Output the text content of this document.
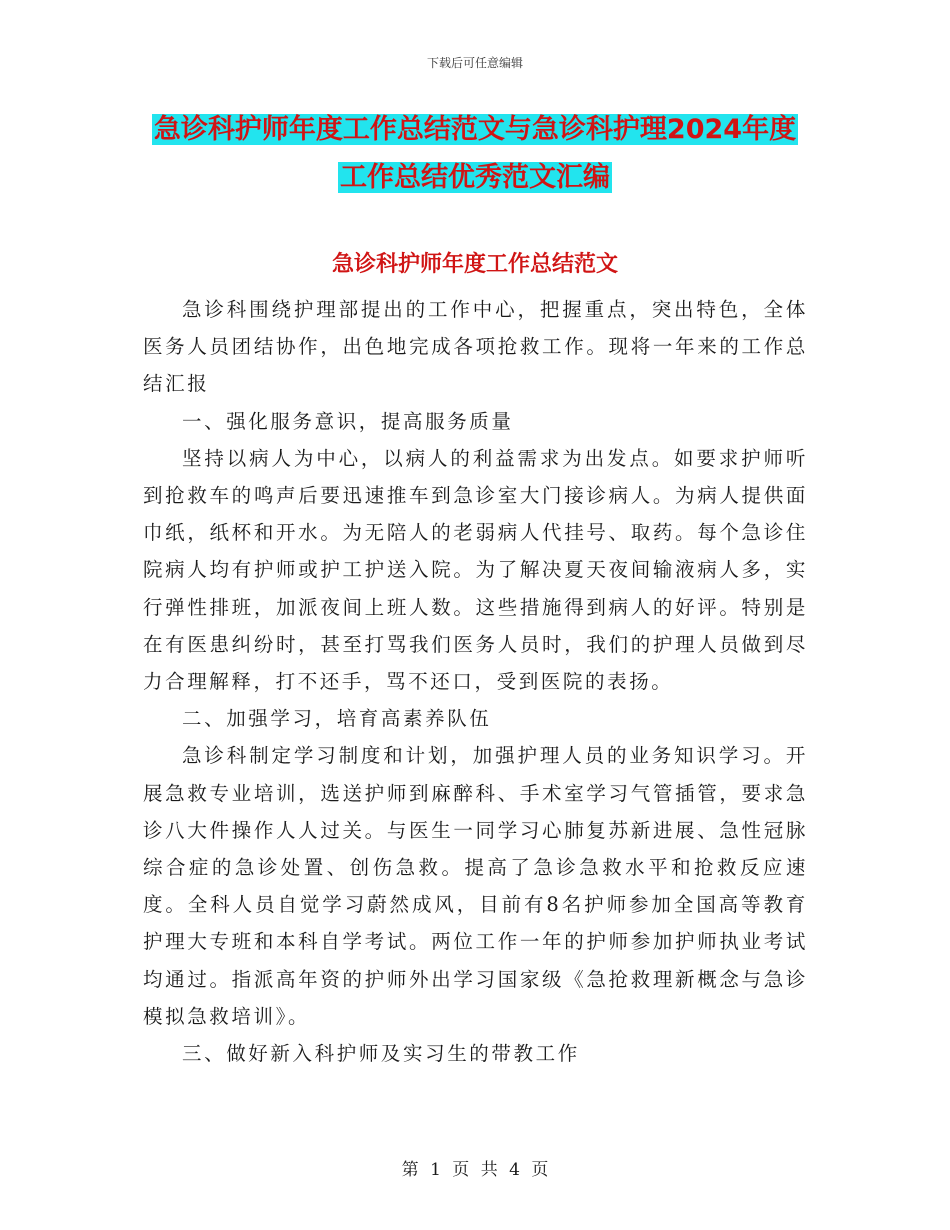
下载后可任意编辑
急诊科护师年度工作总结范文与急诊科护理2024年度
工作总结优秀范文汇编
急诊科护师年度工作总结范文

急诊科围绕护理部提出的工作中心，把握重点，突出特色，全体医务人员团结协作，出色地完成各项抢救工作。现将一年来的工作总结汇报

一、强化服务意识，提高服务质量

坚持以病人为中心，以病人的利益需求为出发点。如要求护师听到抢救车的鸣声后要迅速推车到急诊室大门接诊病人。为病人提供面巾纸，纸杯和开水。为无陪人的老弱病人代挂号、取药。每个急诊住院病人均有护师或护工护送入院。为了解决夏天夜间输液病人多，实行弹性排班，加派夜间上班人数。这些措施得到病人的好评。特别是在有医患纠纷时，甚至打骂我们医务人员时，我们的护理人员做到尽力合理解释，打不还手，骂不还口，受到医院的表扬。

二、加强学习，培育高素养队伍

急诊科制定学习制度和计划，加强护理人员的业务知识学习。开展急救专业培训，选送护师到麻醉科、手术室学习气管插管，要求急诊八大件操作人人过关。与医生一同学习心肺复苏新进展、急性冠脉综合症的急诊处置、创伤急救。提高了急诊急救水平和抢救反应速度。全科人员自觉学习蔚然成风，目前有8名护师参加全国高等教育护理大专班和本科自学考试。两位工作一年的护师参加护师执业考试均通过。指派高年资的护师外出学习国家级《急抢救理新概念与急诊模拟急救培训》。

三、做好新入科护师及实习生的带教工作

第 1 页 共 4 页
